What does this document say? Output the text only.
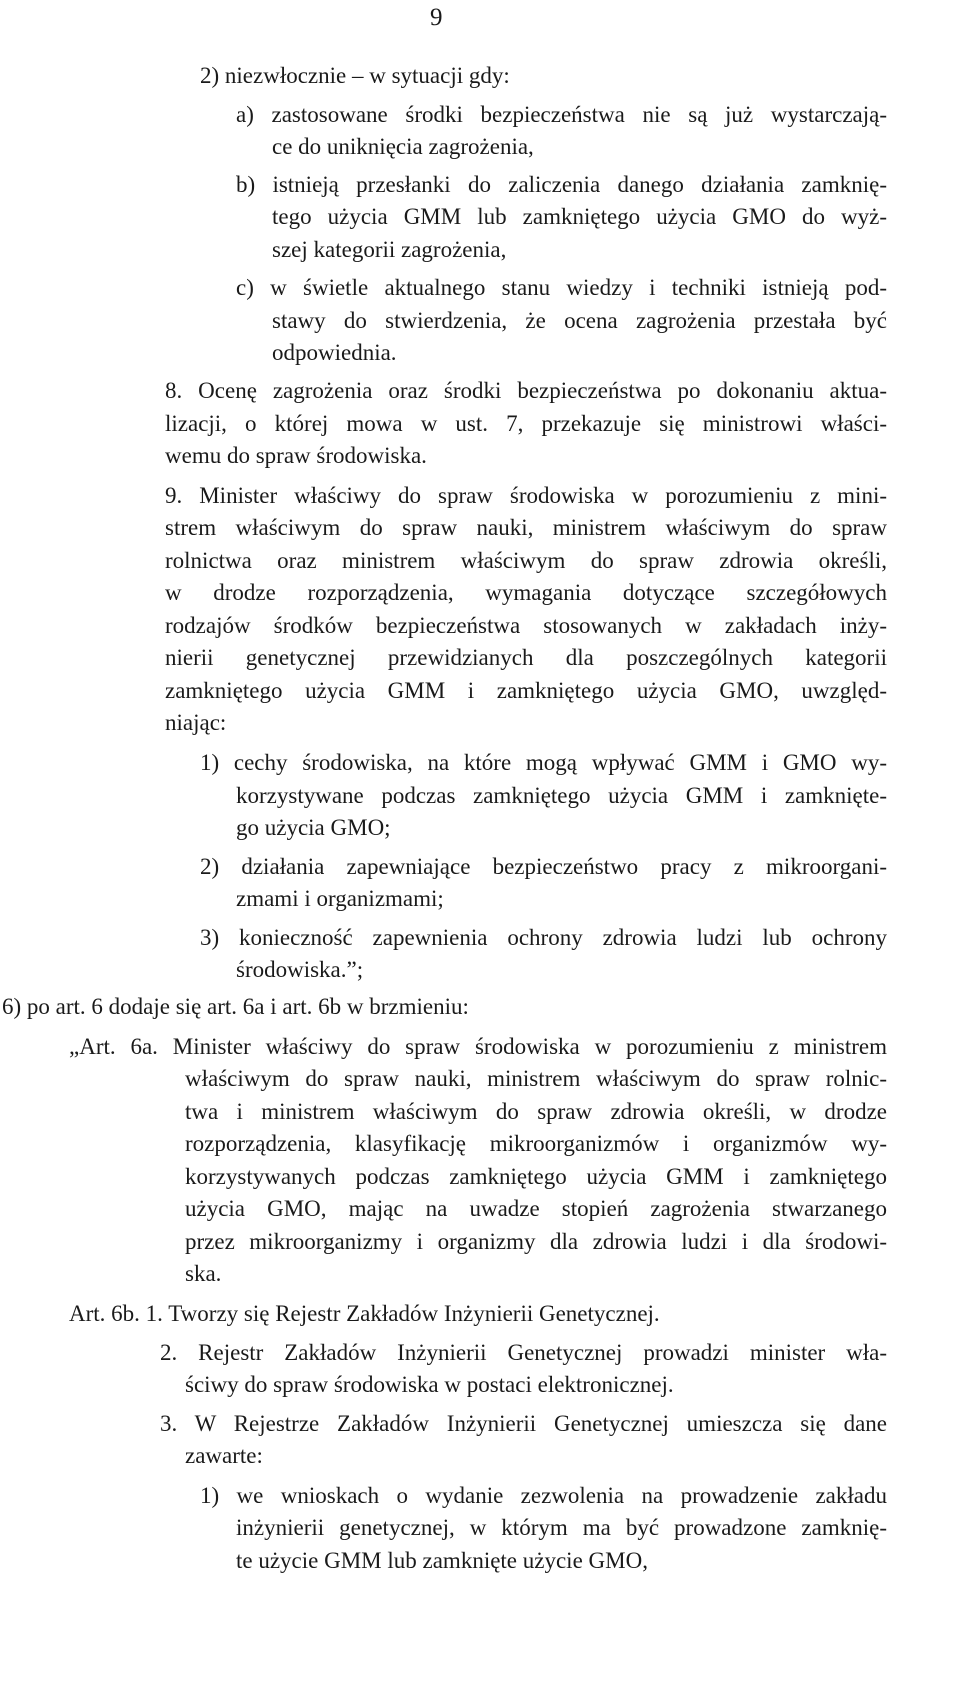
9
2) niezwłocznie – w sytuacji gdy:
a) zastosowane środki bezpieczeństwa nie są już wystarczają-
ce do uniknięcia zagrożenia,
b) istnieją przesłanki do zaliczenia danego działania zamknię-
tego użycia GMM lub zamkniętego użycia GMO do wyż-
szej kategorii zagrożenia,
c) w świetle aktualnego stanu wiedzy i techniki istnieją pod-
stawy do stwierdzenia, że ocena zagrożenia przestała być
odpowiednia.
8. Ocenę zagrożenia oraz środki bezpieczeństwa po dokonaniu aktua-
lizacji, o której mowa w ust. 7, przekazuje się ministrowi właści-
wemu do spraw środowiska.
9. Minister właściwy do spraw środowiska w porozumieniu z mini-
strem właściwym do spraw nauki, ministrem właściwym do spraw
rolnictwa oraz ministrem właściwym do spraw zdrowia określi,
w drodze rozporządzenia, wymagania dotyczące szczegółowych
rodzajów środków bezpieczeństwa stosowanych w zakładach inży-
nierii genetycznej przewidzianych dla poszczególnych kategorii
zamkniętego użycia GMM i zamkniętego użycia GMO, uwzględ-
niając:
1) cechy środowiska, na które mogą wpływać GMM i GMO wy-
korzystywane podczas zamkniętego użycia GMM i zamknięte-
go użycia GMO;
2) działania zapewniające bezpieczeństwo pracy z mikroorgani-
zmami i organizmami;
3) konieczność zapewnienia ochrony zdrowia ludzi lub ochrony
środowiska.”;
6) po art. 6 dodaje się art. 6a i art. 6b w brzmieniu:
„Art. 6a. Minister właściwy do spraw środowiska w porozumieniu z ministrem
właściwym do spraw nauki, ministrem właściwym do spraw rolnic-
twa i ministrem właściwym do spraw zdrowia określi, w drodze
rozporządzenia, klasyfikację mikroorganizmów i organizmów wy-
korzystywanych podczas zamkniętego użycia GMM i zamkniętego
użycia GMO, mając na uwadze stopień zagrożenia stwarzanego
przez mikroorganizmy i organizmy dla zdrowia ludzi i dla środowi-
ska.
Art. 6b. 1. Tworzy się Rejestr Zakładów Inżynierii Genetycznej.
2. Rejestr Zakładów Inżynierii Genetycznej prowadzi minister wła-
ściwy do spraw środowiska w postaci elektronicznej.
3. W Rejestrze Zakładów Inżynierii Genetycznej umieszcza się dane
zawarte:
1) we wnioskach o wydanie zezwolenia na prowadzenie zakładu
inżynierii genetycznej, w którym ma być prowadzone zamknię-
te użycie GMM lub zamknięte użycie GMO,
